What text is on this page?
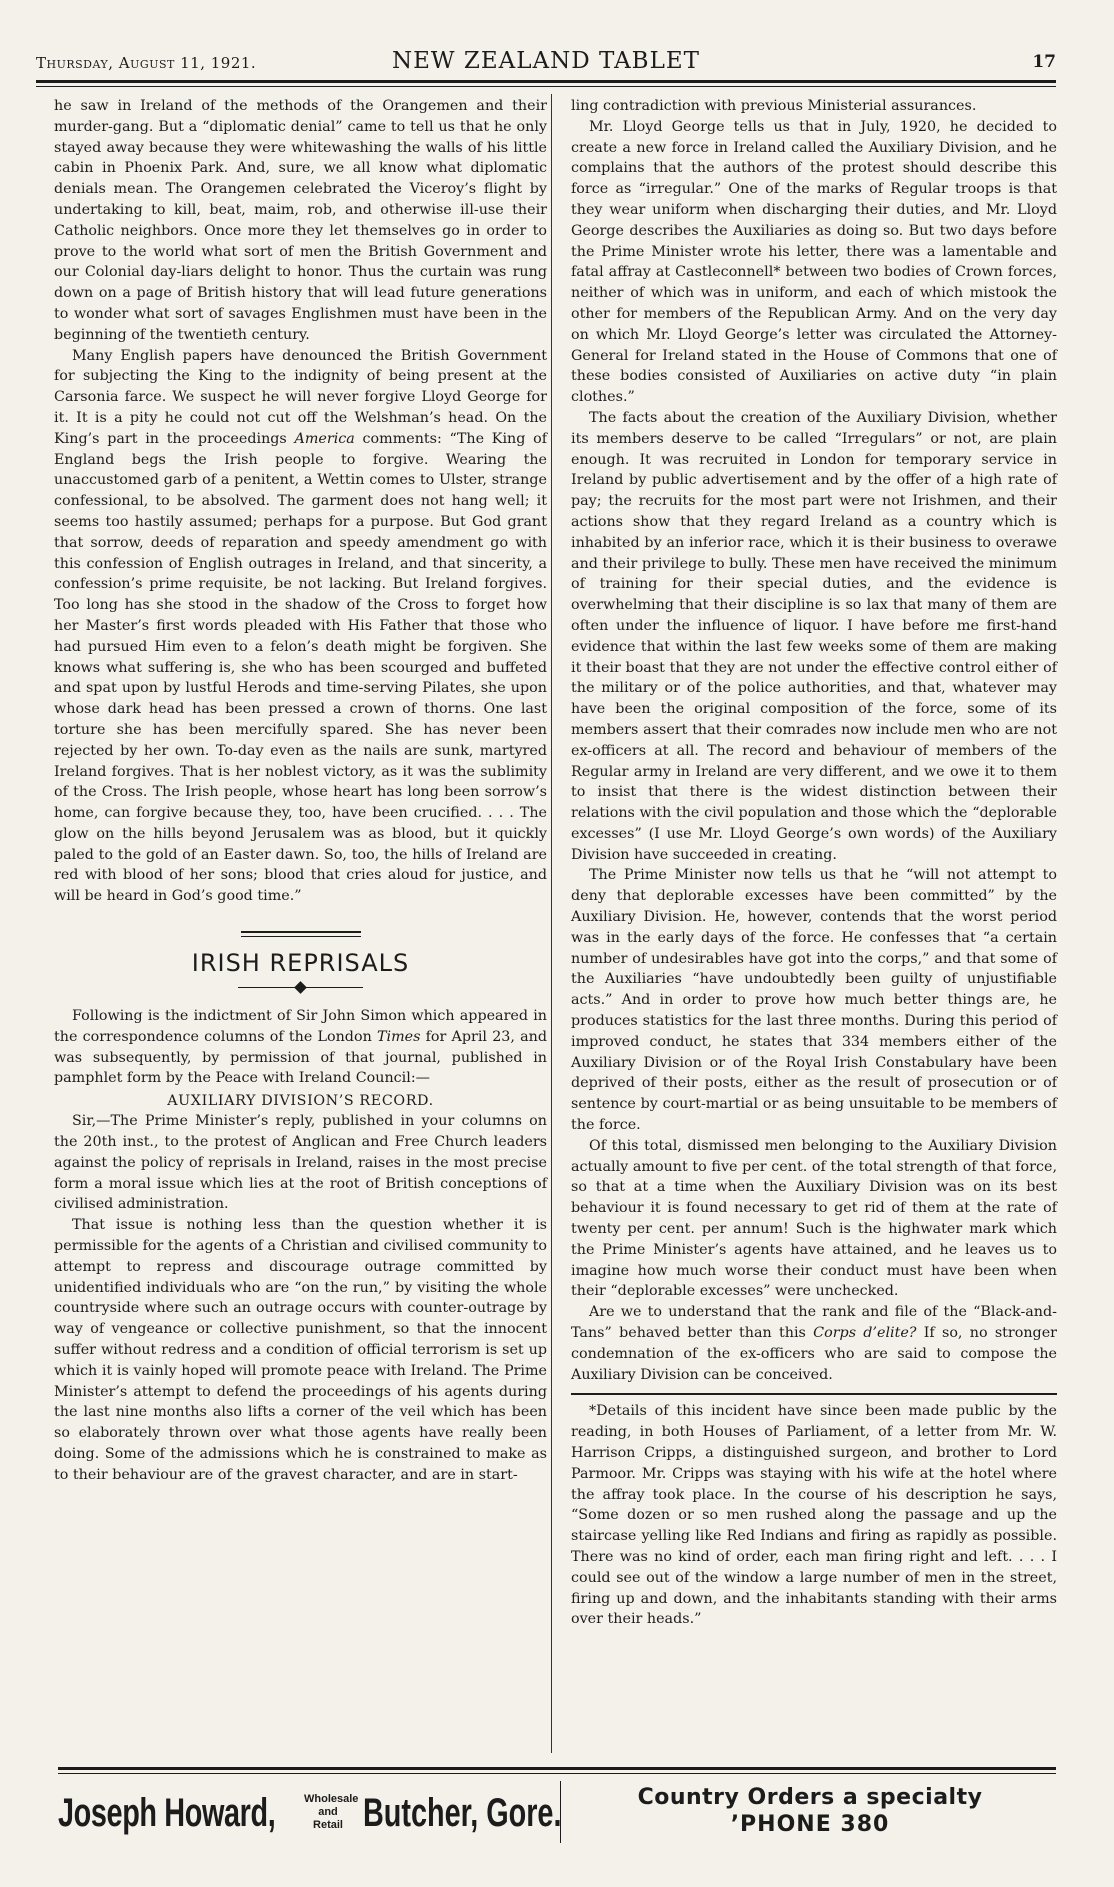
Thursday, August 11, 1921.	NEW ZEALAND TABLET	17

he saw in Ireland of the methods of the Orangemen and their murder-gang. But a “diplomatic denial” came to tell us that he only stayed away because they were whitewashing the walls of his little cabin in Phoenix Park. And, sure, we all know what diplomatic denials mean. The Orangemen celebrated the Viceroy’s flight by undertaking to kill, beat, maim, rob, and otherwise ill-use their Catholic neighbors. Once more they let themselves go in order to prove to the world what sort of men the British Government and our Colonial day-liars delight to honor. Thus the curtain was rung down on a page of British history that will lead future generations to wonder what sort of savages Englishmen must have been in the beginning of the twentieth century.

Many English papers have denounced the British Government for subjecting the King to the indignity of being present at the Carsonia farce. We suspect he will never forgive Lloyd George for it. It is a pity he could not cut off the Welshman’s head. On the King’s part in the proceedings America comments: “The King of England begs the Irish people to forgive. Wearing the unaccustomed garb of a penitent, a Wettin comes to Ulster, strange confessional, to be absolved. The garment does not hang well; it seems too hastily assumed; perhaps for a purpose. But God grant that sorrow, deeds of reparation and speedy amendment go with this confession of English outrages in Ireland, and that sincerity, a confession’s prime requisite, be not lacking. But Ireland forgives. Too long has she stood in the shadow of the Cross to forget how her Master’s first words pleaded with His Father that those who had pursued Him even to a felon’s death might be forgiven. She knows what suffering is, she who has been scourged and buffeted and spat upon by lustful Herods and time-serving Pilates, she upon whose dark head has been pressed a crown of thorns. One last torture she has been mercifully spared. She has never been rejected by her own. To-day even as the nails are sunk, martyred Ireland forgives. That is her noblest victory, as it was the sublimity of the Cross. The Irish people, whose heart has long been sorrow’s home, can forgive because they, too, have been crucified. . . . The glow on the hills beyond Jerusalem was as blood, but it quickly paled to the gold of an Easter dawn. So, too, the hills of Ireland are red with blood of her sons; blood that cries aloud for justice, and will be heard in God’s good time.”

IRISH REPRISALS

Following is the indictment of Sir John Simon which appeared in the correspondence columns of the London Times for April 23, and was subsequently, by permission of that journal, published in pamphlet form by the Peace with Ireland Council:—

AUXILIARY DIVISION’S RECORD.

Sir,—The Prime Minister’s reply, published in your columns on the 20th inst., to the protest of Anglican and Free Church leaders against the policy of reprisals in Ireland, raises in the most precise form a moral issue which lies at the root of British conceptions of civilised administration.

That issue is nothing less than the question whether it is permissible for the agents of a Christian and civilised community to attempt to repress and discourage outrage committed by unidentified individuals who are “on the run,” by visiting the whole countryside where such an outrage occurs with counter-outrage by way of vengeance or collective punishment, so that the innocent suffer without redress and a condition of official terrorism is set up which it is vainly hoped will promote peace with Ireland. The Prime Minister’s attempt to defend the proceedings of his agents during the last nine months also lifts a corner of the veil which has been so elaborately thrown over what those agents have really been doing. Some of the admissions which he is constrained to make as to their behaviour are of the gravest character, and are in start-

ling contradiction with previous Ministerial assurances.

Mr. Lloyd George tells us that in July, 1920, he decided to create a new force in Ireland called the Auxiliary Division, and he complains that the authors of the protest should describe this force as “irregular.” One of the marks of Regular troops is that they wear uniform when discharging their duties, and Mr. Lloyd George describes the Auxiliaries as doing so. But two days before the Prime Minister wrote his letter, there was a lamentable and fatal affray at Castleconnell* between two bodies of Crown forces, neither of which was in uniform, and each of which mistook the other for members of the Republican Army. And on the very day on which Mr. Lloyd George’s letter was circulated the Attorney-General for Ireland stated in the House of Commons that one of these bodies consisted of Auxiliaries on active duty “in plain clothes.”

The facts about the creation of the Auxiliary Division, whether its members deserve to be called “Irregulars” or not, are plain enough. It was recruited in London for temporary service in Ireland by public advertisement and by the offer of a high rate of pay; the recruits for the most part were not Irishmen, and their actions show that they regard Ireland as a country which is inhabited by an inferior race, which it is their business to overawe and their privilege to bully. These men have received the minimum of training for their special duties, and the evidence is overwhelming that their discipline is so lax that many of them are often under the influence of liquor. I have before me first-hand evidence that within the last few weeks some of them are making it their boast that they are not under the effective control either of the military or of the police authorities, and that, whatever may have been the original composition of the force, some of its members assert that their comrades now include men who are not ex-officers at all. The record and behaviour of members of the Regular army in Ireland are very different, and we owe it to them to insist that there is the widest distinction between their relations with the civil population and those which the “deplorable excesses” (I use Mr. Lloyd George’s own words) of the Auxiliary Division have succeeded in creating.

The Prime Minister now tells us that he “will not attempt to deny that deplorable excesses have been committed” by the Auxiliary Division. He, however, contends that the worst period was in the early days of the force. He confesses that “a certain number of undesirables have got into the corps,” and that some of the Auxiliaries “have undoubtedly been guilty of unjustifiable acts.” And in order to prove how much better things are, he produces statistics for the last three months. During this period of improved conduct, he states that 334 members either of the Auxiliary Division or of the Royal Irish Constabulary have been deprived of their posts, either as the result of prosecution or of sentence by court-martial or as being unsuitable to be members of the force.

Of this total, dismissed men belonging to the Auxiliary Division actually amount to five per cent. of the total strength of that force, so that at a time when the Auxiliary Division was on its best behaviour it is found necessary to get rid of them at the rate of twenty per cent. per annum! Such is the highwater mark which the Prime Minister’s agents have attained, and he leaves us to imagine how much worse their conduct must have been when their “deplorable excesses” were unchecked.

Are we to understand that the rank and file of the “Black-and-Tans” behaved better than this Corps d’elite? If so, no stronger condemnation of the ex-officers who are said to compose the Auxiliary Division can be conceived.

*Details of this incident have since been made public by the reading, in both Houses of Parliament, of a letter from Mr. W. Harrison Cripps, a distinguished surgeon, and brother to Lord Parmoor. Mr. Cripps was staying with his wife at the hotel where the affray took place. In the course of his description he says, “Some dozen or so men rushed along the passage and up the staircase yelling like Red Indians and firing as rapidly as possible. There was no kind of order, each man firing right and left. . . . I could see out of the window a large number of men in the street, firing up and down, and the inhabitants standing with their arms over their heads.”

Joseph Howard,	Wholesale
and
Retail Butcher, Gore.	Country Orders a specialty
’PHONE 380
